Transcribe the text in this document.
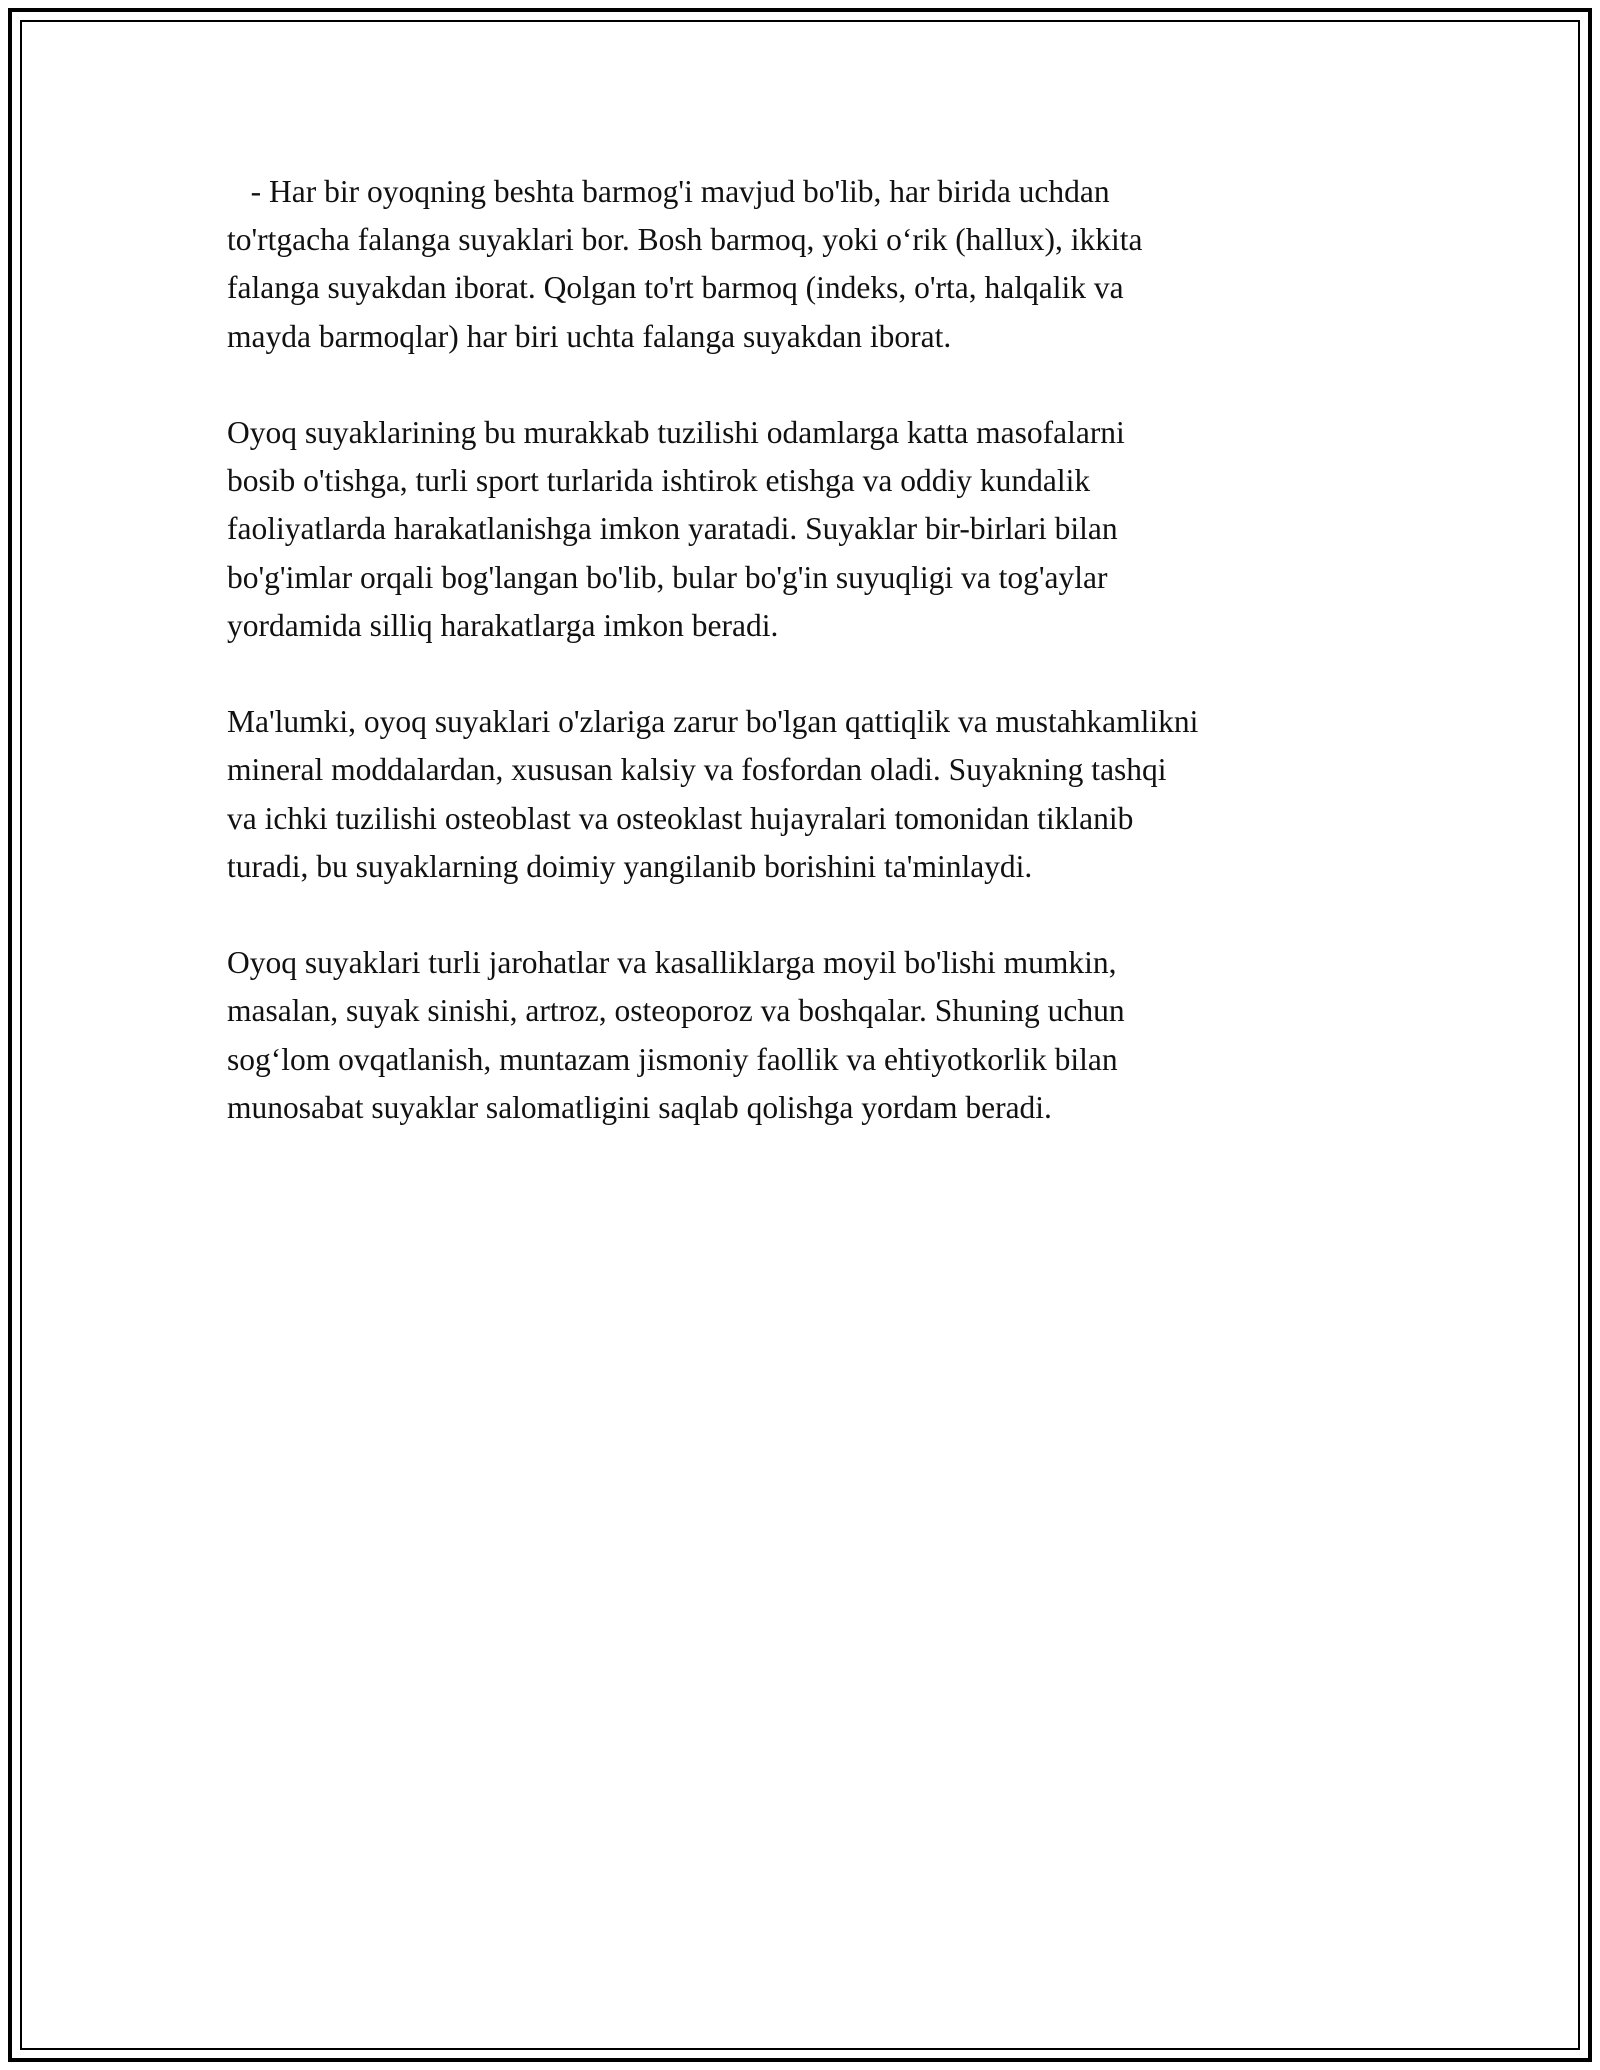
- Har bir oyoqning beshta barmog'i mavjud bo'lib, har birida uchdan
to'rtgacha falanga suyaklari bor. Bosh barmoq, yoki o‘rik (hallux), ikkita
falanga suyakdan iborat. Qolgan to'rt barmoq (indeks, o'rta, halqalik va
mayda barmoqlar) har biri uchta falanga suyakdan iborat.

Oyoq suyaklarining bu murakkab tuzilishi odamlarga katta masofalarni
bosib o'tishga, turli sport turlarida ishtirok etishga va oddiy kundalik
faoliyatlarda harakatlanishga imkon yaratadi. Suyaklar bir-birlari bilan
bo'g'imlar orqali bog'langan bo'lib, bular bo'g'in suyuqligi va tog'aylar
yordamida silliq harakatlarga imkon beradi.

Ma'lumki, oyoq suyaklari o'zlariga zarur bo'lgan qattiqlik va mustahkamlikni
mineral moddalardan, xususan kalsiy va fosfordan oladi. Suyakning tashqi
va ichki tuzilishi osteoblast va osteoklast hujayralari tomonidan tiklanib
turadi, bu suyaklarning doimiy yangilanib borishini ta'minlaydi.

Oyoq suyaklari turli jarohatlar va kasalliklarga moyil bo'lishi mumkin,
masalan, suyak sinishi, artroz, osteoporoz va boshqalar. Shuning uchun
sog‘lom ovqatlanish, muntazam jismoniy faollik va ehtiyotkorlik bilan
munosabat suyaklar salomatligini saqlab qolishga yordam beradi.
